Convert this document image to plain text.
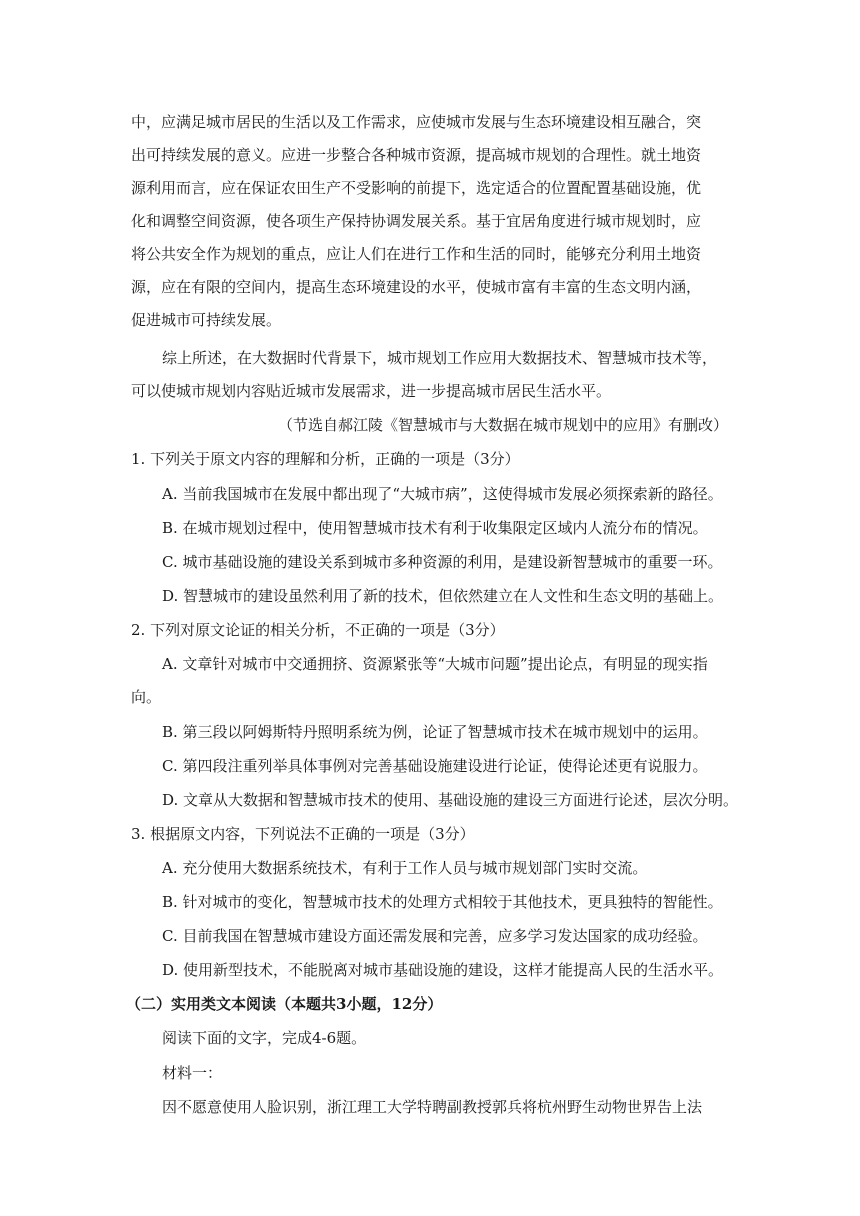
中，应满足城市居民的生活以及工作需求，应使城市发展与生态环境建设相互融合，突
出可持续发展的意义。应进一步整合各种城市资源，提高城市规划的合理性。就土地资
源利用而言，应在保证农田生产不受影响的前提下，选定适合的位置配置基础设施，优
化和调整空间资源，使各项生产保持协调发展关系。基于宜居角度进行城市规划时，应
将公共安全作为规划的重点，应让人们在进行工作和生活的同时，能够充分利用土地资
源，应在有限的空间内，提高生态环境建设的水平，使城市富有丰富的生态文明内涵，
促进城市可持续发展。
综上所述，在大数据时代背景下，城市规划工作应用大数据技术、智慧城市技术等，
可以使城市规划内容贴近城市发展需求，进一步提高城市居民生活水平。
（节选自郝江陵《智慧城市与大数据在城市规划中的应用》有删改）
1. 下列关于原文内容的理解和分析，正确的一项是（3分）
A. 当前我国城市在发展中都出现了“大城市病”，这使得城市发展必须探索新的路径。
B. 在城市规划过程中，使用智慧城市技术有利于收集限定区域内人流分布的情况。
C. 城市基础设施的建设关系到城市多种资源的利用，是建设新智慧城市的重要一环。
D. 智慧城市的建设虽然利用了新的技术，但依然建立在人文性和生态文明的基础上。
2. 下列对原文论证的相关分析，不正确的一项是（3分）
A. 文章针对城市中交通拥挤、资源紧张等“大城市问题”提出论点，有明显的现实指
向。
B. 第三段以阿姆斯特丹照明系统为例，论证了智慧城市技术在城市规划中的运用。
C. 第四段注重列举具体事例对完善基础设施建设进行论证，使得论述更有说服力。
D. 文章从大数据和智慧城市技术的使用、基础设施的建设三方面进行论述，层次分明。
3. 根据原文内容，下列说法不正确的一项是（3分）
A. 充分使用大数据系统技术，有利于工作人员与城市规划部门实时交流。
B. 针对城市的变化，智慧城市技术的处理方式相较于其他技术，更具独特的智能性。
C. 目前我国在智慧城市建设方面还需发展和完善，应多学习发达国家的成功经验。
D. 使用新型技术，不能脱离对城市基础设施的建设，这样才能提高人民的生活水平。
（二）实用类文本阅读（本题共3小题，12分）
阅读下面的文字，完成4-6题。
材料一：
因不愿意使用人脸识别，浙江理工大学特聘副教授郭兵将杭州野生动物世界告上法
